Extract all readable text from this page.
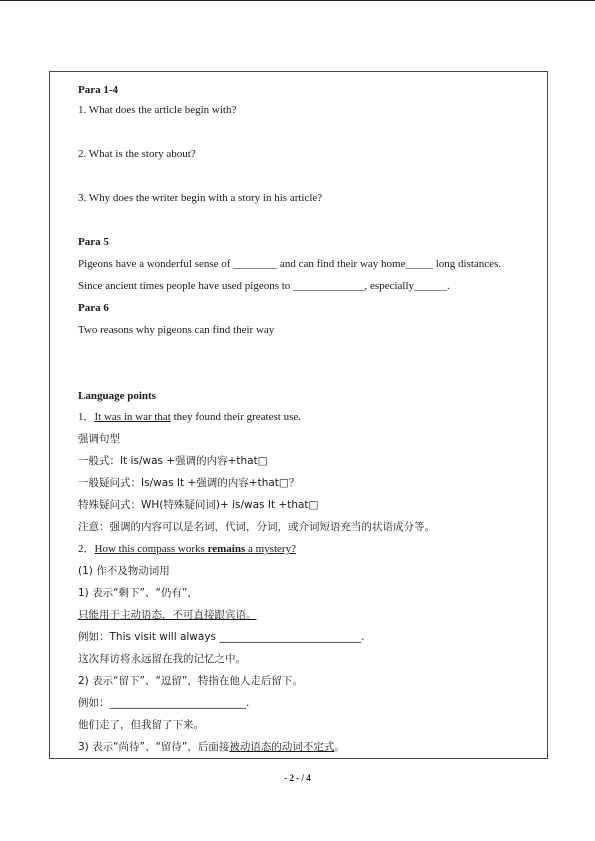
Para 1-4
1. What does the article begin with?
2. What is the story about?
3. Why does the writer begin with a story in his article?
Para 5
Pigeons have a wonderful sense of ________ and can find their way home_____ long distances.
Since ancient times people have used pigeons to _____________, especially______.
Para 6
Two reasons why pigeons can find their way
Language points
1．It was in war that they found their greatest use.
强调句型
一般式：It is/was +强调的内容+that□
一般疑问式：Is/was It +强调的内容+that□？
特殊疑问式：WH(特殊疑问词)+ is/was It +that□
注意：强调的内容可以是名词，代词，分词，或介词短语充当的状语成分等。
2．How this compass works remains a mystery?
(1) 作不及物动词用
1) 表示“剩下”、“仍有”，
只能用于主动语态，不可直接跟宾语。
例如：This visit will always ___________________________.
这次拜访将永远留在我的记忆之中。
2) 表示“留下”、“逗留”，特指在他人走后留下。
例如：__________________________.
他们走了，但我留了下来。
3) 表示“尚待”、“留待”，后面接被动语态的动词不定式。
- 2 - / 4
